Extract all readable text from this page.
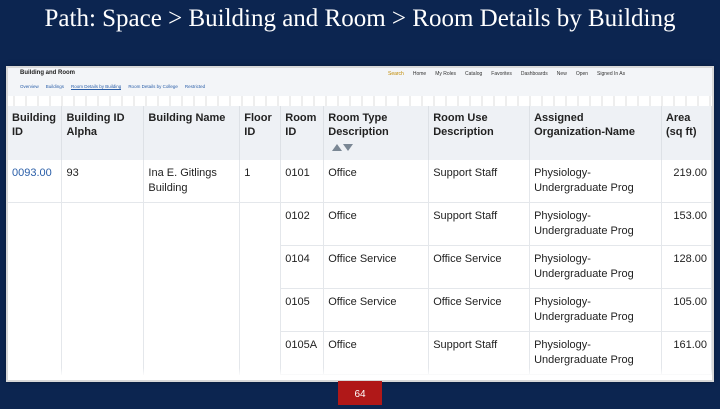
Path: Space > Building and Room > Room Details by Building
Building and Room
Overview Buildings Room Details by Building Room Details by College Restricted
Search Home My Roles Catalog Favorites Dashboards New Open Signed In As
Building ID	Building ID Alpha	Building Name	Floor ID	Room ID	Room Type Description	Room Use Description	Assigned Organization-Name	Area (sq ft)
0093.00	93	Ina E. Gitlings Building	1	0101	Office	Support Staff	Physiology-Undergraduate Prog	219.00
				0102	Office	Support Staff	Physiology-Undergraduate Prog	153.00
				0104	Office Service	Office Service	Physiology-Undergraduate Prog	128.00
				0105	Office Service	Office Service	Physiology-Undergraduate Prog	105.00
				0105A	Office	Support Staff	Physiology-Undergraduate Prog	161.00
64
